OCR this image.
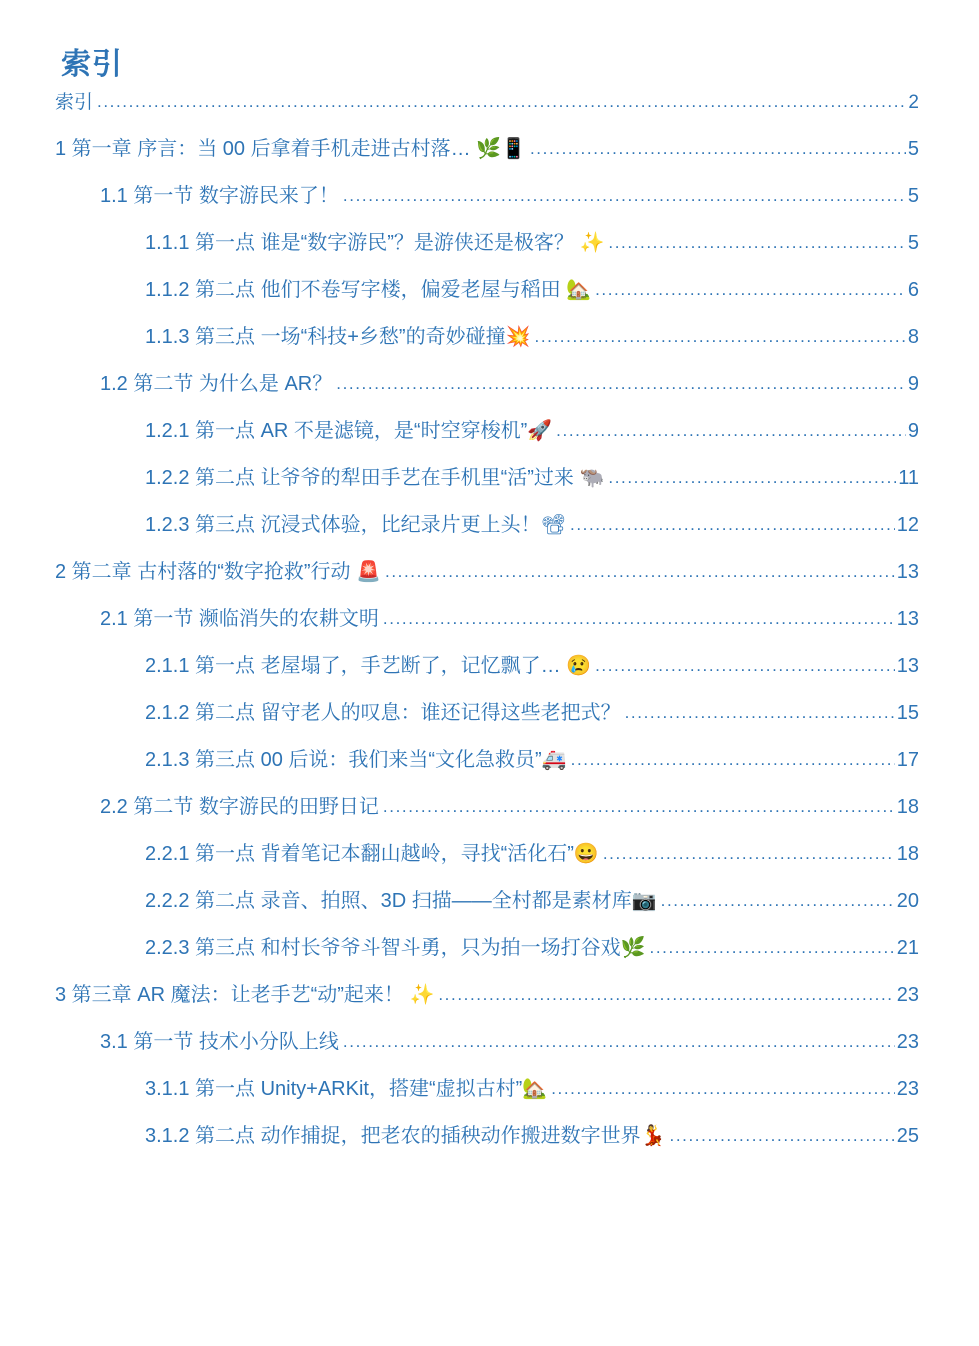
索引
索引 .....	2
1 第一章 序言：当 00 后拿着手机走进古村落… 🌿📱 .....	5
1.1 第一节 数字游民来了！ .....	5
1.1.1 第一点 谁是“数字游民”？是游侠还是极客？ ✨ .....	5
1.1.2 第二点 他们不卷写字楼，偏爱老屋与稻田 🏡 .....	6
1.1.3 第三点 一场“科技+乡愁”的奇妙碰撞💥 .....	8
1.2 第二节 为什么是 AR？ .....	9
1.2.1 第一点 AR 不是滤镜，是“时空穿梭机”🚀 .....	9
1.2.2 第二点 让爷爷的犁田手艺在手机里“活”过来 🐃 .....	11
1.2.3 第三点 沉浸式体验，比纪录片更上头！📽 .....	12
2 第二章 古村落的“数字抢救”行动 🚨 .....	13
2.1 第一节 濒临消失的农耕文明 .....	13
2.1.1 第一点 老屋塌了，手艺断了，记忆飘了… 😢 .....	13
2.1.2 第二点 留守老人的叹息：谁还记得这些老把式？ .....	15
2.1.3 第三点 00 后说：我们来当“文化急救员”🚑 .....	17
2.2 第二节 数字游民的田野日记 .....	18
2.2.1 第一点 背着笔记本翻山越岭，寻找“活化石”😀 .....	18
2.2.2 第二点 录音、拍照、3D 扫描——全村都是素材库📷 .....	20
2.2.3 第三点 和村长爷爷斗智斗勇，只为拍一场打谷戏🌿 .....	21
3 第三章 AR 魔法：让老手艺“动”起来！ ✨ .....	23
3.1 第一节 技术小分队上线 .....	23
3.1.1 第一点 Unity+ARKit，搭建“虚拟古村”🏡 .....	23
3.1.2 第二点 动作捕捉，把老农的插秧动作搬进数字世界💃 .....	25
